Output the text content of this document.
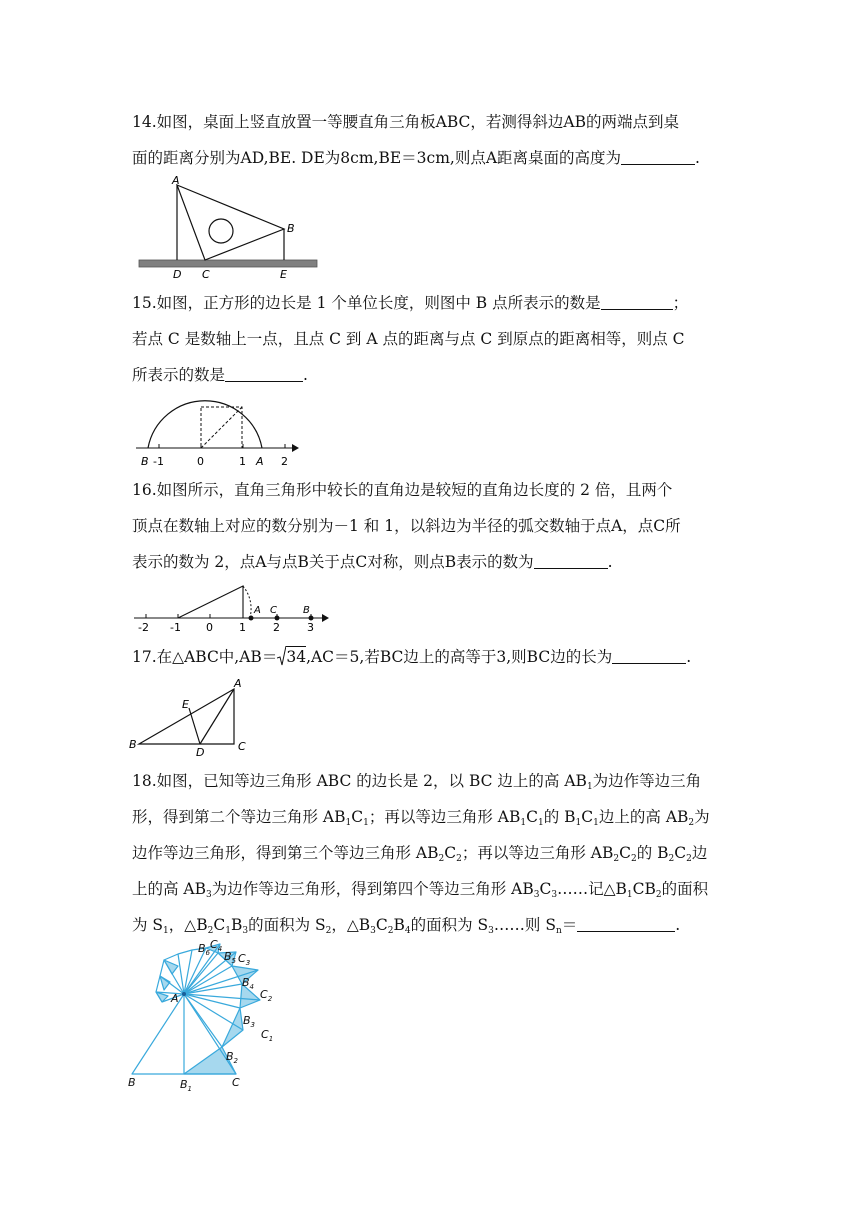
14.如图，桌面上竖直放置一等腰直角三角板ABC，若测得斜边AB的两端点到桌
面的距离分别为AD,BE. DE为8cm,BE＝3cm,则点A距离桌面的高度为	.
A
B
C
D	E
15.如图，正方形的边长是 1 个单位长度，则图中 B 点所表示的数是	；
若点 C 是数轴上一点，且点 C 到 A 点的距离与点 C 到原点的距离相等，则点 C
所表示的数是	.
B -1	0	1 A 2
16.如图所示，直角三角形中较长的直角边是较短的直角边长度的 2 倍，且两个
顶点在数轴上对应的数分别为－1 和 1，以斜边为半径的弧交数轴于点A，点C所
表示的数为 2，点A与点B关于点C对称，则点B表示的数为	.
A C	B
-2 -1 0 1 2 3
17.在△ABC中,AB＝ 34,AC＝5,若BC边上的高等于3,则BC边的长为	.
A
E
B
D	C
18.如图，已知等边三角形 ABC 的边长是 2，以 BC 边上的高 $AB_1$为边作等边三角
形，得到第二个等边三角形 $AB_1C_1$；再以等边三角形 $AB_1C_1$的 $B_1C_1$边上的高 $AB_2$为
边作等边三角形，得到第三个等边三角形 $AB_2C_2$；再以等边三角形 $AB_2C_2$的 $B_2C_2$边
上的高 $AB_3$为边作等边三角形，得到第四个等边三角形 $AB_3C_3\dots\dots$记$\triangle B_1CB_2$的面积
为 $S_1$，$\triangle B_2C_1B_3$的面积为 $S_2$，$\triangle B_3C_2B_4$的面积为 $S_3\dots\dots$则 $S_n=$	.
A
B	$B_1$	C
$B_2$
$C_1$
$B_3$
$C_2$
$B_4$
$C_3$
$B_5$
$C_4$
$B_6$
